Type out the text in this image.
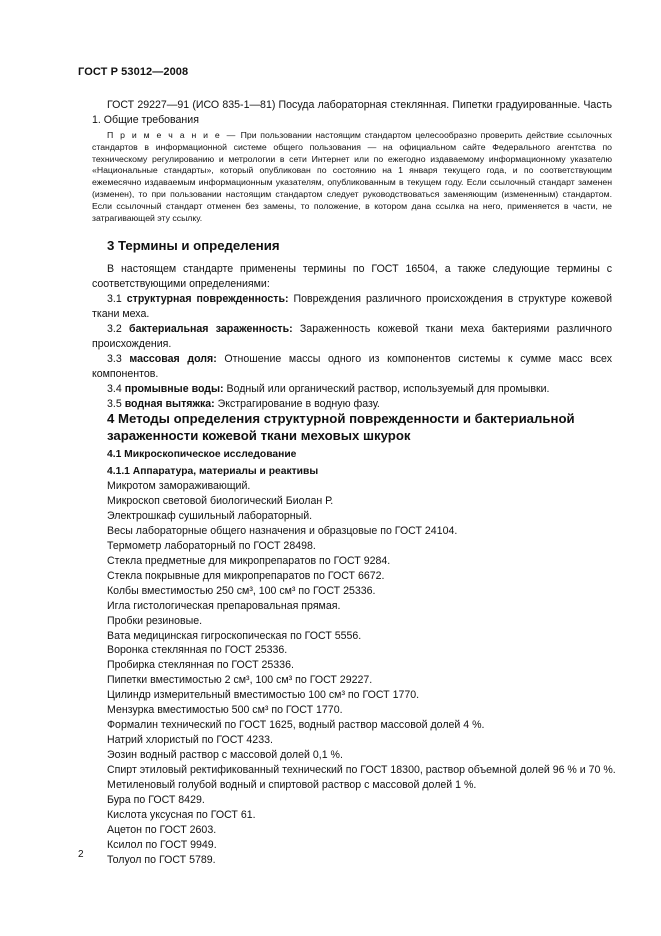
ГОСТ Р 53012—2008

ГОСТ 29227—91 (ИСО 835-1—81) Посуда лабораторная стеклянная. Пипетки градуированные. Часть 1. Общие требования

П р и м е ч а н и е — При пользовании настоящим стандартом целесообразно проверить действие ссылочных стандартов в информационной системе общего пользования — на официальном сайте Федерального агентства по техническому регулированию и метрологии в сети Интернет или по ежегодно издаваемому информационному указателю «Национальные стандарты», который опубликован по состоянию на 1 января текущего года, и по соответствующим ежемесячно издаваемым информационным указателям, опубликованным в текущем году. Если ссылочный стандарт заменен (изменен), то при пользовании настоящим стандартом следует руководствоваться заменяющим (измененным) стандартом. Если ссылочный стандарт отменен без замены, то положение, в котором дана ссылка на него, применяется в части, не затрагивающей эту ссылку.

3 Термины и определения

В настоящем стандарте применены термины по ГОСТ 16504, а также следующие термины с соответствующими определениями:

3.1 структурная поврежденность: Повреждения различного происхождения в структуре кожевой ткани меха.

3.2 бактериальная зараженность: Зараженность кожевой ткани меха бактериями различного происхождения.

3.3 массовая доля: Отношение массы одного из компонентов системы к сумме масс всех компонентов.

3.4 промывные воды: Водный или органический раствор, используемый для промывки.

3.5 водная вытяжка: Экстрагирование в водную фазу.

4 Методы определения структурной поврежденности и бактериальной зараженности кожевой ткани меховых шкурок
4.1 Микроскопическое исследование
4.1.1 Аппаратура, материалы и реактивы
Микротом замораживающий.
Микроскоп световой биологический Биолан Р.
Электрошкаф сушильный лабораторный.
Весы лабораторные общего назначения и образцовые по ГОСТ 24104.
Термометр лабораторный по ГОСТ 28498.
Стекла предметные для микропрепаратов по ГОСТ 9284.
Стекла покрывные для микропрепаратов по ГОСТ 6672.
Колбы вместимостью 250 см³, 100 см³ по ГОСТ 25336.
Игла гистологическая препаровальная прямая.
Пробки резиновые.
Вата медицинская гигроскопическая по ГОСТ 5556.
Воронка стеклянная по ГОСТ 25336.
Пробирка стеклянная по ГОСТ 25336.
Пипетки вместимостью 2 см³, 100 см³ по ГОСТ 29227.
Цилиндр измерительный вместимостью 100 см³ по ГОСТ 1770.
Мензурка вместимостью 500 см³ по ГОСТ 1770.
Формалин технический по ГОСТ 1625, водный раствор массовой долей 4 %.
Натрий хлористый по ГОСТ 4233.
Эозин водный раствор с массовой долей 0,1 %.
Спирт этиловый ректификованный технический по ГОСТ 18300, раствор объемной долей 96 % и 70 %.
Метиленовый голубой водный и спиртовой раствор с массовой долей 1 %.
Бура по ГОСТ 8429.
Кислота уксусная по ГОСТ 61.
Ацетон по ГОСТ 2603.
Ксилол по ГОСТ 9949.
Толуол по ГОСТ 5789.
2
